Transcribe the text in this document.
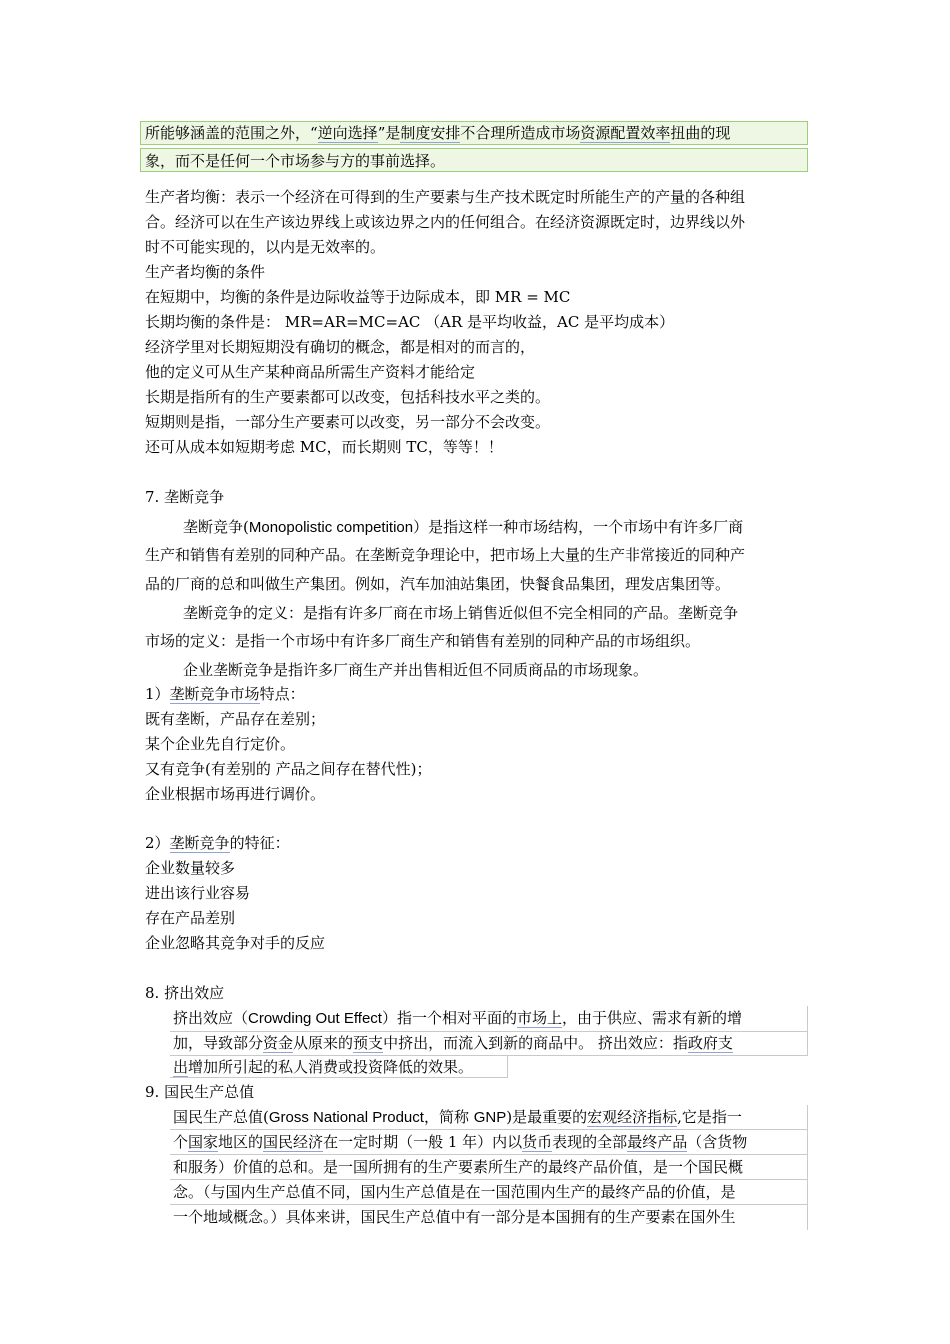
所能够涵盖的范围之外，“逆向选择”是制度安排不合理所造成市场资源配置效率扭曲的现
象，而不是任何一个市场参与方的事前选择。
生产者均衡：表示一个经济在可得到的生产要素与生产技术既定时所能生产的产量的各种组
合。经济可以在生产该边界线上或该边界之内的任何组合。在经济资源既定时，边界线以外
时不可能实现的，以内是无效率的。
生产者均衡的条件
在短期中，均衡的条件是边际收益等于边际成本，即 MR = MC
长期均衡的条件是： MR=AR=MC=AC （AR 是平均收益，AC 是平均成本）
经济学里对长期短期没有确切的概念，都是相对的而言的，
他的定义可从生产某种商品所需生产资料才能给定
长期是指所有的生产要素都可以改变，包括科技水平之类的。
短期则是指，一部分生产要素可以改变，另一部分不会改变。
还可从成本如短期考虑 MC，而长期则 TC，等等！！
7. 垄断竞争
垄断竞争(Monopolistic competition）是指这样一种市场结构，一个市场中有许多厂商
生产和销售有差别的同种产品。在垄断竞争理论中，把市场上大量的生产非常接近的同种产
品的厂商的总和叫做生产集团。例如，汽车加油站集团，快餐食品集团，理发店集团等。
垄断竞争的定义：是指有许多厂商在市场上销售近似但不完全相同的产品。垄断竞争
市场的定义：是指一个市场中有许多厂商生产和销售有差别的同种产品的市场组织。
企业垄断竞争是指许多厂商生产并出售相近但不同质商品的市场现象。
1）垄断竞争市场特点：
既有垄断，产品存在差别；
某个企业先自行定价。
又有竞争(有差别的 产品之间存在替代性)；
企业根据市场再进行调价。
2）垄断竞争的特征：
企业数量较多
进出该行业容易
存在产品差别
企业忽略其竞争对手的反应
8. 挤出效应
挤出效应（Crowding Out Effect）指一个相对平面的市场上，由于供应、需求有新的增
加，导致部分资金从原来的预支中挤出，而流入到新的商品中。 挤出效应：指政府支
出增加所引起的私人消费或投资降低的效果。
9. 国民生产总值
国民生产总值(Gross National Product，简称 GNP)是最重要的宏观经济指标,它是指一
个国家地区的国民经济在一定时期（一般 1 年）内以货币表现的全部最终产品（含货物
和服务）价值的总和。是一国所拥有的生产要素所生产的最终产品价值，是一个国民概
念。（与国内生产总值不同，国内生产总值是在一国范围内生产的最终产品的价值，是
一个地域概念。）具体来讲，国民生产总值中有一部分是本国拥有的生产要素在国外生
